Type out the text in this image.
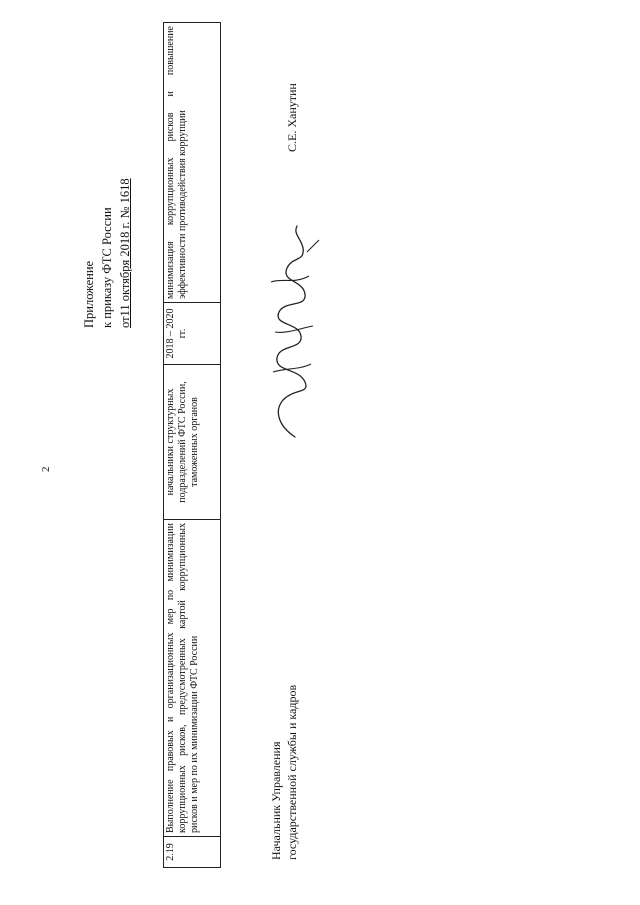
2
Приложение к приказу ФТС России от11 октября 2018 г. № 1618
2.19	Выполнение правовых и организационных мер по минимизации коррупционных рисков, предусмотренных картой коррупционных рисков и мер по их минимизации ФТС России	начальники структурных подразделений ФТС России, таможенных органов	2018 – 2020 гг.	минимизация коррупционных рисков и повышение эффективности противодействия коррупции
Начальник Управления государственной службы и кадров
С.Е. Ханутин
